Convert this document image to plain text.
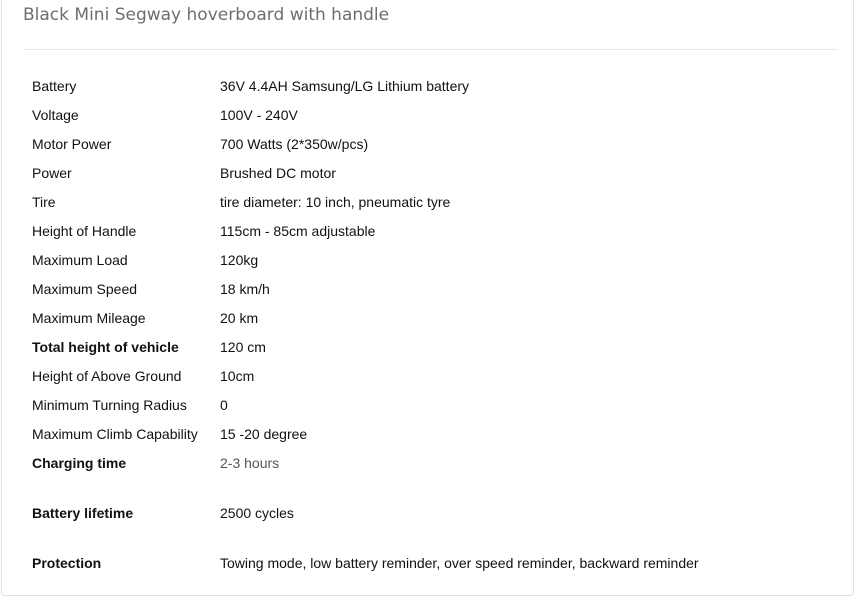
Black Mini Segway hoverboard with handle
Battery	36V 4.4AH Samsung/LG Lithium battery
Voltage	100V - 240V
Motor Power	700 Watts (2*350w/pcs)
Power	Brushed DC motor
Tire	tire diameter: 10 inch, pneumatic tyre
Height of Handle	115cm - 85cm adjustable
Maximum Load	120kg
Maximum Speed	18 km/h
Maximum Mileage	20 km
Total height of vehicle	120 cm
Height of Above Ground	10cm
Minimum Turning Radius 0
Maximum Climb Capability 15 -20 degree
Charging time	2-3 hours
Battery lifetime	2500 cycles
Protection	Towing mode, low battery reminder, over speed reminder, backward reminder
